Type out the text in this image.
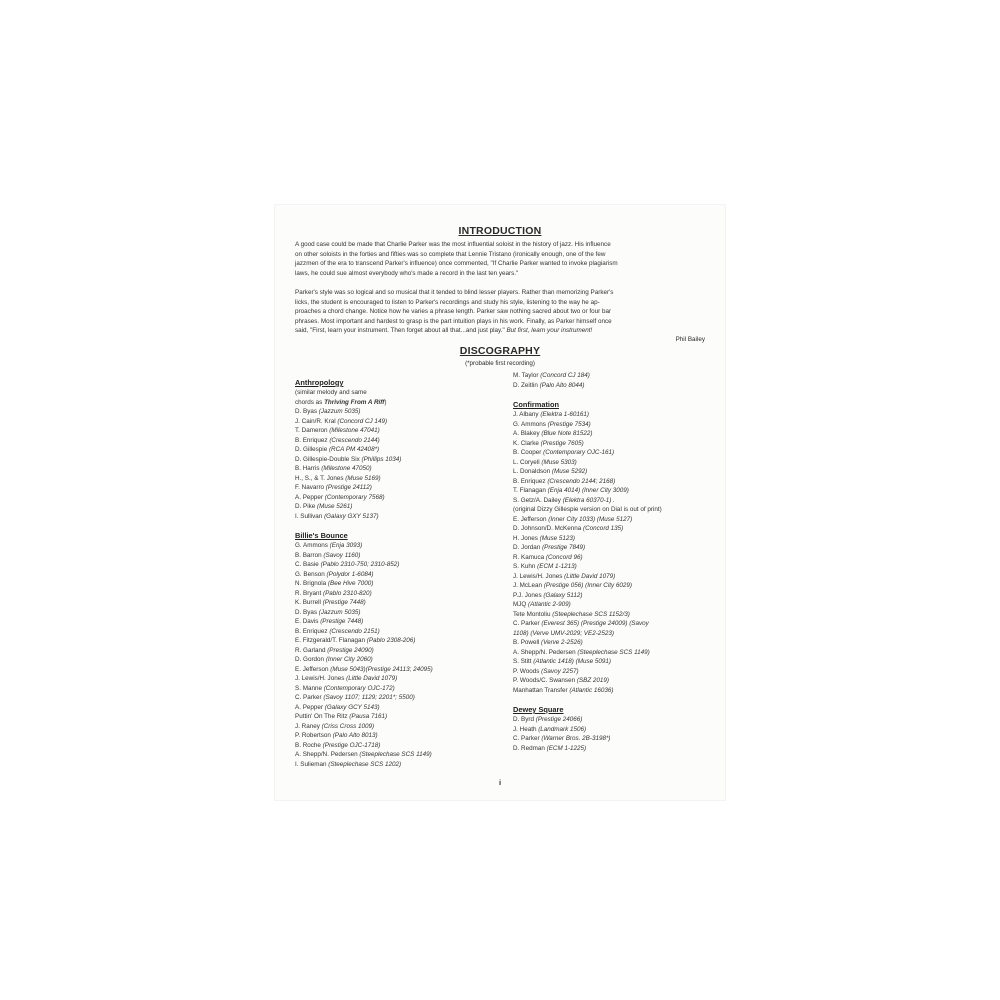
INTRODUCTION
A good case could be made that Charlie Parker was the most influential soloist in the history of jazz. His influence
on other soloists in the forties and fifties was so complete that Lennie Tristano (ironically enough, one of the few
jazzmen of the era to transcend Parker's influence) once commented, "If Charlie Parker wanted to invoke plagiarism
laws, he could sue almost everybody who's made a record in the last ten years."
Parker's style was so logical and so musical that it tended to blind lesser players. Rather than memorizing Parker's
licks, the student is encouraged to listen to Parker's recordings and study his style, listening to the way he ap-
proaches a chord change. Notice how he varies a phrase length. Parker saw nothing sacred about two or four bar
phrases. Most important and hardest to grasp is the part intuition plays in his work. Finally, as Parker himself once
said, "First, learn your instrument. Then forget about all that...and just play." But first, learn your instrument!
Phil Bailey
DISCOGRAPHY
(*probable first recording)
Anthropology
(similar melody and same
chords as Thriving From A Riff)
D. Byas (Jazzum 5035)
J. Cain/R. Kral (Concord CJ 149)
T. Dameron (Milestone 47041)
B. Enriquez (Crescendo 2144)
D. Gillespie (RCA PM 42408*)
D. Gillespie-Double Six (Phillips 1034)
B. Harris (Milestone 47050)
H., S., & T. Jones (Muse 5169)
F. Navarro (Prestige 24112)
A. Pepper (Contemporary 7568)
D. Pike (Muse 5261)
I. Sullivan (Galaxy GXY 5137)
Billie's Bounce
G. Ammons (Enja 3093)
B. Barron (Savoy 1160)
C. Basie (Pablo 2310-750; 2310-852)
G. Benson (Polydor 1-6084)
N. Brignola (Bee Hive 7000)
R. Bryant (Pablo 2310-820)
K. Burrell (Prestige 7448)
D. Byas (Jazzum 5035)
E. Davis (Prestige 7448)
B. Enriquez (Crescendo 2151)
E. Fitzgerald/T. Flanagan (Pablo 2308-206)
R. Garland (Prestige 24090)
D. Gordon (Inner City 2060)
E. Jefferson (Muse 5043)(Prestige 24113; 24095)
J. Lewis/H. Jones (Little David 1079)
S. Manne (Contemporary OJC-172)
C. Parker (Savoy 1107; 1129; 2201*; 5500)
A. Pepper (Galaxy GCY 5143)
Puttin' On The Ritz (Pausa 7161)
J. Raney (Criss Cross 1009)
P. Robertson (Palo Alto 8013)
B. Roche (Prestige OJC-1718)
A. Shepp/N. Pedersen (Steeplechase SCS 1149)
I. Sulieman (Steeplechase SCS 1202)
M. Taylor (Concord CJ 184)
D. Zeitlin (Palo Alto 8044)
Confirmation
J. Albany (Elektra 1-60161)
G. Ammons (Prestige 7534)
A. Blakey (Blue Note 81522)
K. Clarke (Prestige 7605)
B. Cooper (Contemporary OJC-161)
L. Coryell (Muse 5303)
L. Donaldson (Muse 5292)
B. Enriquez (Crescendo 2144; 2168)
T. Flanagan (Enja 4014) (Inner City 3009)
S. Getz/A. Dailey (Elektra 60370-1) .
(original Dizzy Gillespie version on Dial is out of print)
E. Jefferson (Inner City 1033) (Muse 5127)
D. Johnson/D. McKenna (Concord 135)
H. Jones (Muse 5123)
D. Jordan (Prestige 7849)
R. Kamuca (Concord 96)
S. Kuhn (ECM 1-1213)
J. Lewis/H. Jones (Little David 1079)
J. McLean (Prestige 056) (Inner City 6029)
P.J. Jones (Galaxy 5112)
MJQ (Atlantic 2-909)
Tete Montoliu (Steeplechase SCS 1152/3)
C. Parker (Everest 365) (Prestige 24009) (Savoy
1108) (Verve UMV-2029; VE2-2523)
B. Powell (Verve 2-2526)
A. Shepp/N. Pedersen (Steeplechase SCS 1149)
S. Stitt (Atlantic 1418) (Muse 5091)
P. Woods (Savoy 2257)
P. Woods/C. Swansen (SBZ 2019)
Manhattan Transfer (Atlantic 16036)
Dewey Square
D. Byrd (Prestige 24066)
J. Heath (Landmark 1506)
C. Parker (Warner Bros. 2B-3198*)
D. Redman (ECM 1-1225)
i
